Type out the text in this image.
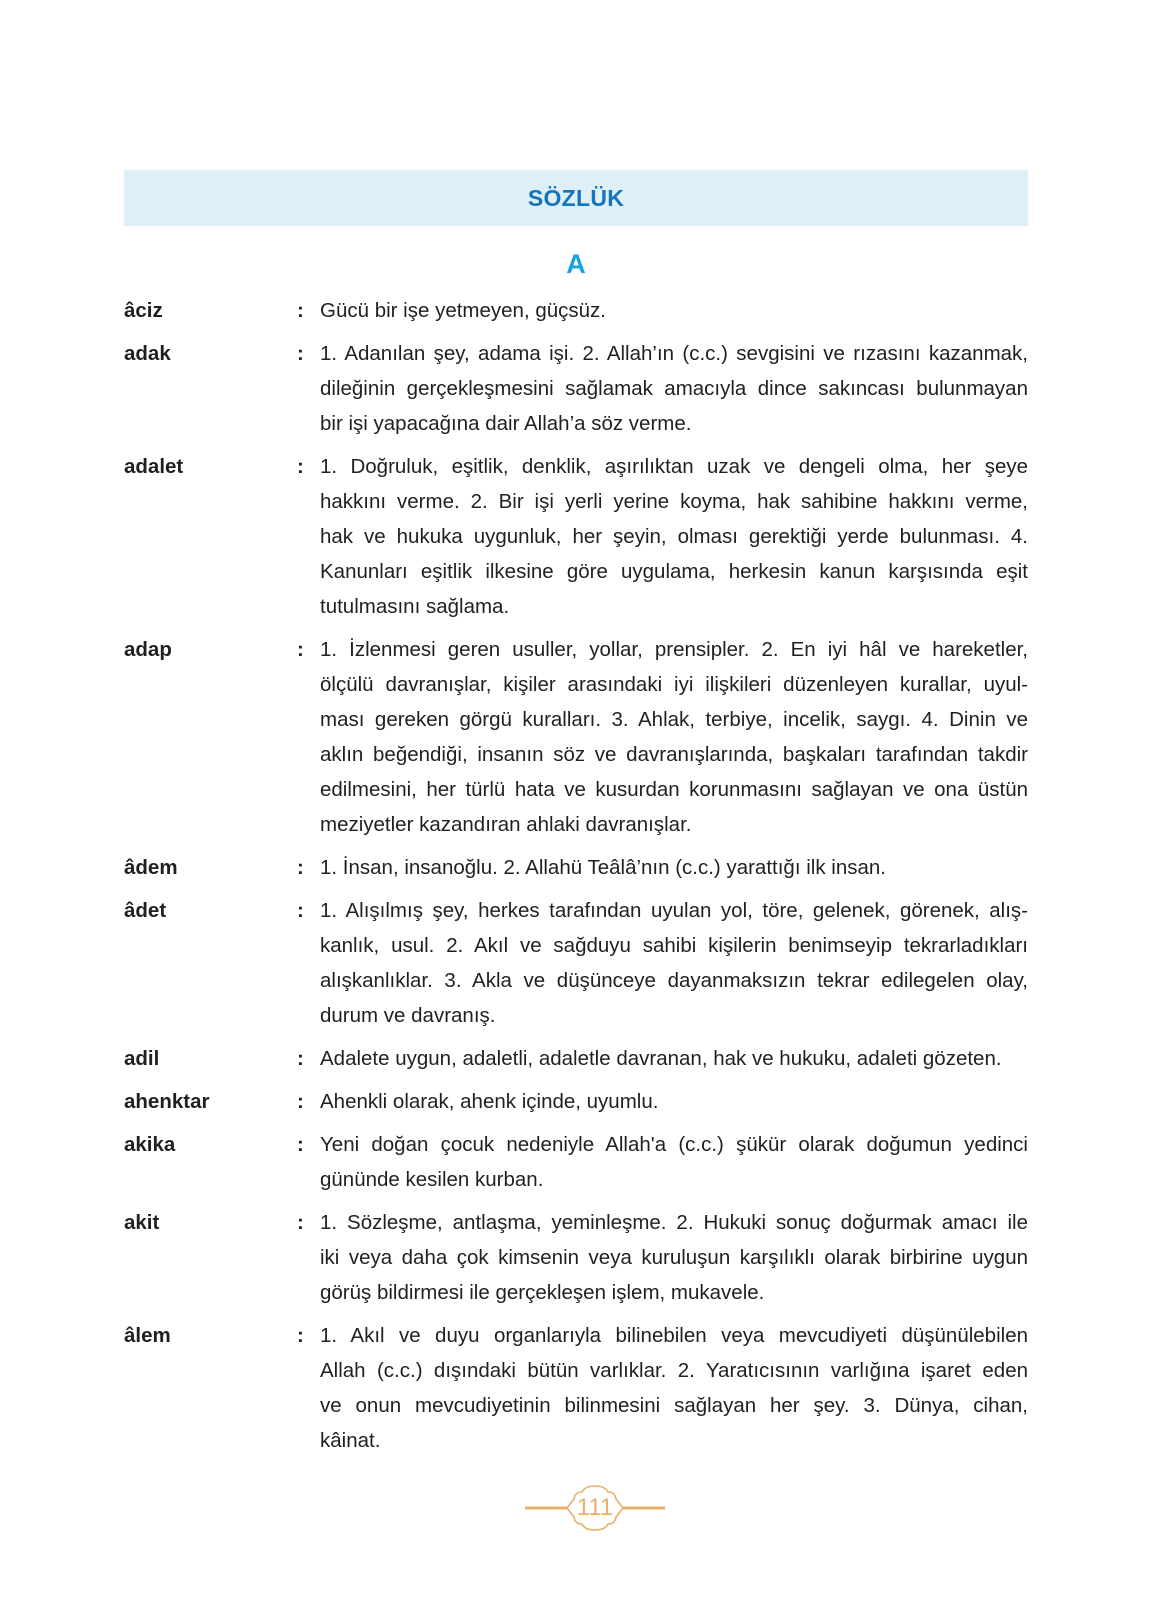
SÖZLÜK
A
âciz	: Gücü bir işe yetmeyen, güçsüz.
adak	: 1. Adanılan şey, adama işi. 2. Allah’ın (c.c.) sevgisini ve rızasını kazanmak,
dileğinin gerçekleşmesini sağlamak amacıyla dince sakıncası bulunmayan
bir işi yapacağına dair Allah’a söz verme.
adalet	: 1. Doğruluk, eşitlik, denklik, aşırılıktan uzak ve dengeli olma, her şeye
hakkını verme. 2. Bir işi yerli yerine koyma, hak sahibine hakkını verme,
hak ve hukuka uygunluk, her şeyin, olması gerektiği yerde bulunması. 4.
Kanunları eşitlik ilkesine göre uygulama, herkesin kanun karşısında eşit
tutulmasını sağlama.
adap	: 1. İzlenmesi geren usuller, yollar, prensipler. 2. En iyi hâl ve hareketler,
ölçülü davranışlar, kişiler arasındaki iyi ilişkileri düzenleyen kurallar, uyul-
ması gereken görgü kuralları. 3. Ahlak, terbiye, incelik, saygı. 4. Dinin ve
aklın beğendiği, insanın söz ve davranışlarında, başkaları tarafından takdir
edilmesini, her türlü hata ve kusurdan korunmasını sağlayan ve ona üstün
meziyetler kazandıran ahlaki davranışlar.
âdem	: 1. İnsan, insanoğlu. 2. Allahü Teâlâ’nın (c.c.) yarattığı ilk insan.
âdet	: 1. Alışılmış şey, herkes tarafından uyulan yol, töre, gelenek, görenek, alış-
kanlık, usul. 2. Akıl ve sağduyu sahibi kişilerin benimseyip tekrarladıkları
alışkanlıklar. 3. Akla ve düşünceye dayanmaksızın tekrar edilegelen olay,
durum ve davranış.
adil	: Adalete uygun, adaletli, adaletle davranan, hak ve hukuku, adaleti gözeten.
ahenktar	: Ahenkli olarak, ahenk içinde, uyumlu.
akika	: Yeni doğan çocuk nedeniyle Allah'a (c.c.) şükür olarak doğumun yedinci
gününde kesilen kurban.
akit	: 1. Sözleşme, antlaşma, yeminleşme. 2. Hukuki sonuç doğurmak amacı ile
iki veya daha çok kimsenin veya kuruluşun karşılıklı olarak birbirine uygun
görüş bildirmesi ile gerçekleşen işlem, mukavele.
âlem	: 1. Akıl ve duyu organlarıyla bilinebilen veya mevcudiyeti düşünülebilen
Allah (c.c.) dışındaki bütün varlıklar. 2. Yaratıcısının varlığına işaret eden
ve onun mevcudiyetinin bilinmesini sağlayan her şey. 3. Dünya, cihan,
kâinat.
111
